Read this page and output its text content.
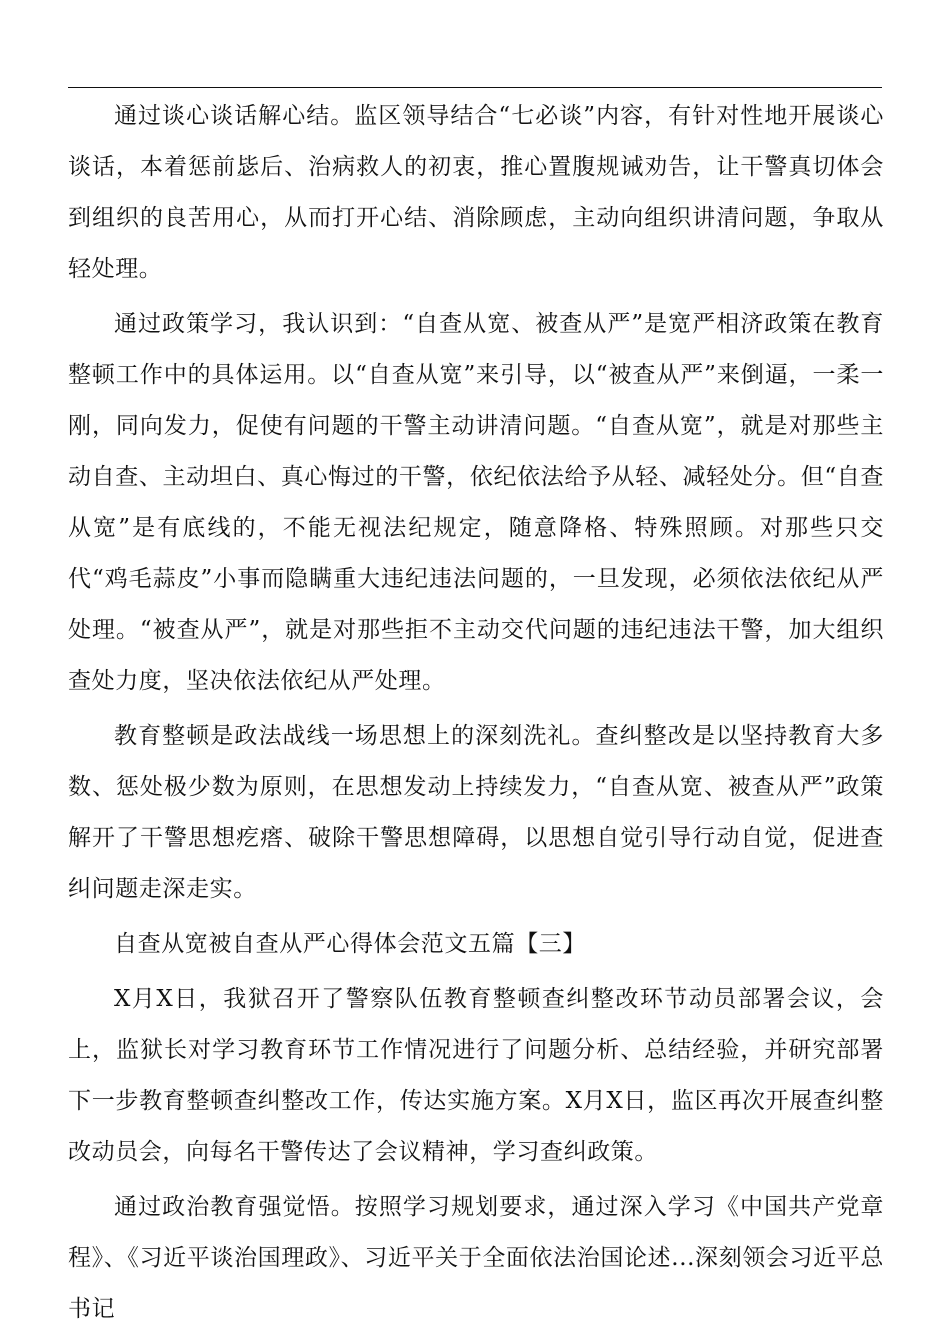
通过谈心谈话解心结。监区领导结合“七必谈”内容，有针对性地开展谈心谈话，本着惩前毖后、治病救人的初衷，推心置腹规诫劝告，让干警真切体会到组织的良苦用心，从而打开心结、消除顾虑，主动向组织讲清问题，争取从轻处理。

通过政策学习，我认识到：“自查从宽、被查从严”是宽严相济政策在教育整顿工作中的具体运用。以“自查从宽”来引导，以“被查从严”来倒逼，一柔一刚，同向发力，促使有问题的干警主动讲清问题。“自查从宽”，就是对那些主动自查、主动坦白、真心悔过的干警，依纪依法给予从轻、减轻处分。但“自查从宽”是有底线的，不能无视法纪规定，随意降格、特殊照顾。对那些只交代“鸡毛蒜皮”小事而隐瞒重大违纪违法问题的，一旦发现，必须依法依纪从严处理。“被查从严”，就是对那些拒不主动交代问题的违纪违法干警，加大组织查处力度，坚决依法依纪从严处理。

教育整顿是政法战线一场思想上的深刻洗礼。查纠整改是以坚持教育大多数、惩处极少数为原则，在思想发动上持续发力，“自查从宽、被查从严”政策解开了干警思想疙瘩、破除干警思想障碍，以思想自觉引导行动自觉，促进查纠问题走深走实。

自查从宽被自查从严心得体会范文五篇【三】

X月X日，我狱召开了警察队伍教育整顿查纠整改环节动员部署会议，会上，监狱长对学习教育环节工作情况进行了问题分析、总结经验，并研究部署下一步教育整顿查纠整改工作，传达实施方案。X月X日，监区再次开展查纠整改动员会，向每名干警传达了会议精神，学习查纠政策。

通过政治教育强觉悟。按照学习规划要求，通过深入学习《中国共产党章程》、《习近平谈治国理政》、习近平关于全面依法治国论述...深刻领会习近平总书记
